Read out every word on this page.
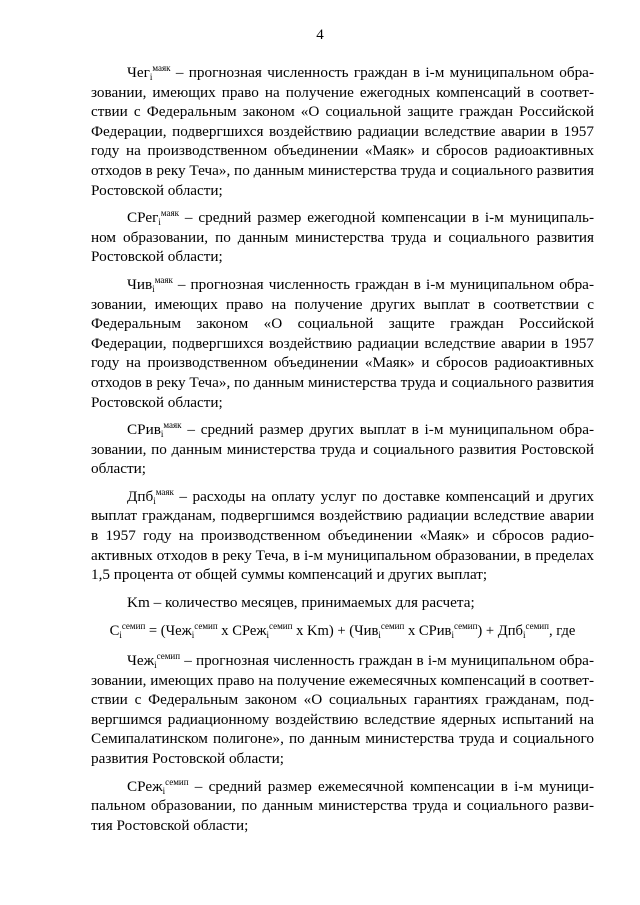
4

Чег$_i^{маяк}$ – прогнозная численность граждан в i-м муниципальном образовании, имеющих право на получение ежегодных компенсаций в соответствии с Федеральным законом «О социальной защите граждан Российской Федерации, подвергшихся воздействию радиации вследствие аварии в 1957 году на производственном объединении «Маяк» и сбросов радиоактивных отходов в реку Теча», по данным министерства труда и социального развития Ростовской области;

СРег$_i^{маяк}$ – средний размер ежегодной компенсации в i-м муниципальном образовании, по данным министерства труда и социального развития Ростовской области;

Чив$_i^{маяк}$ – прогнозная численность граждан в i-м муниципальном образовании, имеющих право на получение других выплат в соответствии с Федеральным законом «О социальной защите граждан Российской Федерации, подвергшихся воздействию радиации вследствие аварии в 1957 году на производственном объединении «Маяк» и сбросов радиоактивных отходов в реку Теча», по данным министерства труда и социального развития Ростовской области;

СРив$_i^{маяк}$ – средний размер других выплат в i-м муниципальном образовании, по данным министерства труда и социального развития Ростовской области;

Дпб$_i^{маяк}$ – расходы на оплату услуг по доставке компенсаций и других выплат гражданам, подвергшимся воздействию радиации вследствие аварии в 1957 году на производственном объединении «Маяк» и сбросов радиоактивных отходов в реку Теча, в i-м муниципальном образовании, в пределах 1,5 процента от общей суммы компенсаций и других выплат;

Km – количество месяцев, принимаемых для расчета;

$C_i^{семип} = (Чеж_i^{семип}$ х СРеж$_i^{семип}$ х Km) + (Чив$_i^{семип}$ х СРив$_i^{семип}$) + Дпб$_i^{семип}$, где

Чеж$_i^{семип}$ – прогнозная численность граждан в i-м муниципальном образовании, имеющих право на получение ежемесячных компенсаций в соответствии с Федеральным законом «О социальных гарантиях гражданам, подвергшимся радиационному воздействию вследствие ядерных испытаний на Семипалатинском полигоне», по данным министерства труда и социального развития Ростовской области;

СРеж$_i^{семип}$ – средний размер ежемесячной компенсации в i-м муниципальном образовании, по данным министерства труда и социального развития Ростовской области;
